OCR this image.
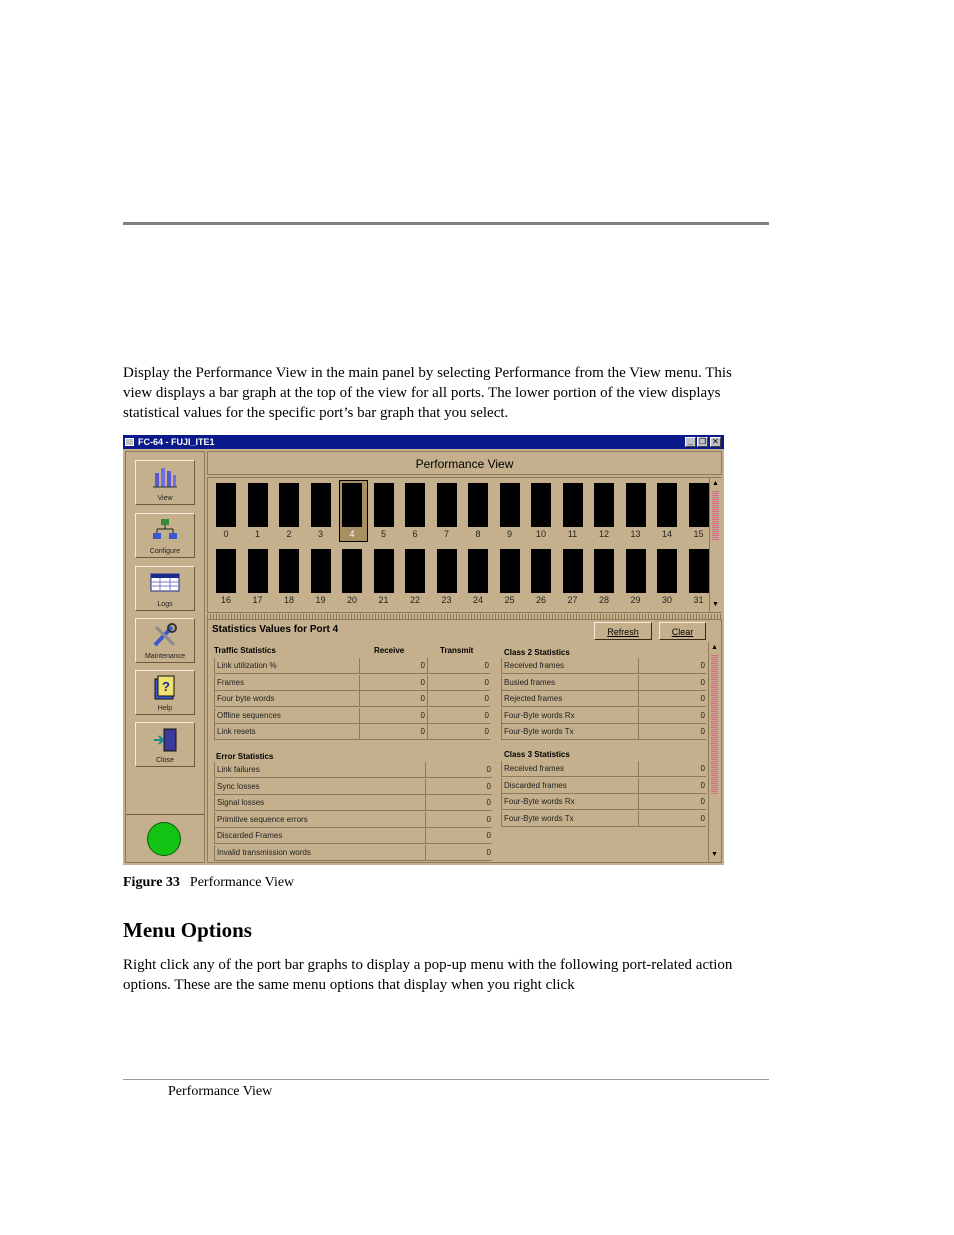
Display the Performance View in the main panel by selecting Performance from the View menu. This view displays a bar graph at the top of the view for all ports. The lower portion of the view displays statistical values for the specific port’s bar graph that you select.
FC-64 - FUJI_ITE1	_ ❐ ✕
View
Configure
Logs
Maintenance
?
Help
Close
Performance View
0	1	2	3	4	5	6	7	8	9	10	11	12	13	14	15
16	17	18	19	20	21	22	23	24	25	26	27	28	29	30	31
▲
▼
Statistics Values for Port 4	Refresh	Clear
Traffic Statistics	Receive	Transmit
Link utilization %	0	0
Frames	0	0
Four byte words	0	0
Offline sequences	0	0
Link resets	0	0
Error Statistics
Link failures	0
Sync losses	0
Signal losses	0
Primitive sequence errors	0
Discarded Frames	0
Invalid transmission words	0
Class 2 Statistics
Received frames	0
Busied frames	0
Rejected frames	0
Four-Byte words Rx	0
Four-Byte words Tx	0
Class 3 Statistics
Received frames	0
Discarded frames	0
Four-Byte words Rx	0
Four-Byte words Tx	0
▲
▼
Figure 33 Performance View
Menu Options
Right click any of the port bar graphs to display a pop-up menu with the following port-related action options. These are the same menu options that display when you right click
Performance View
